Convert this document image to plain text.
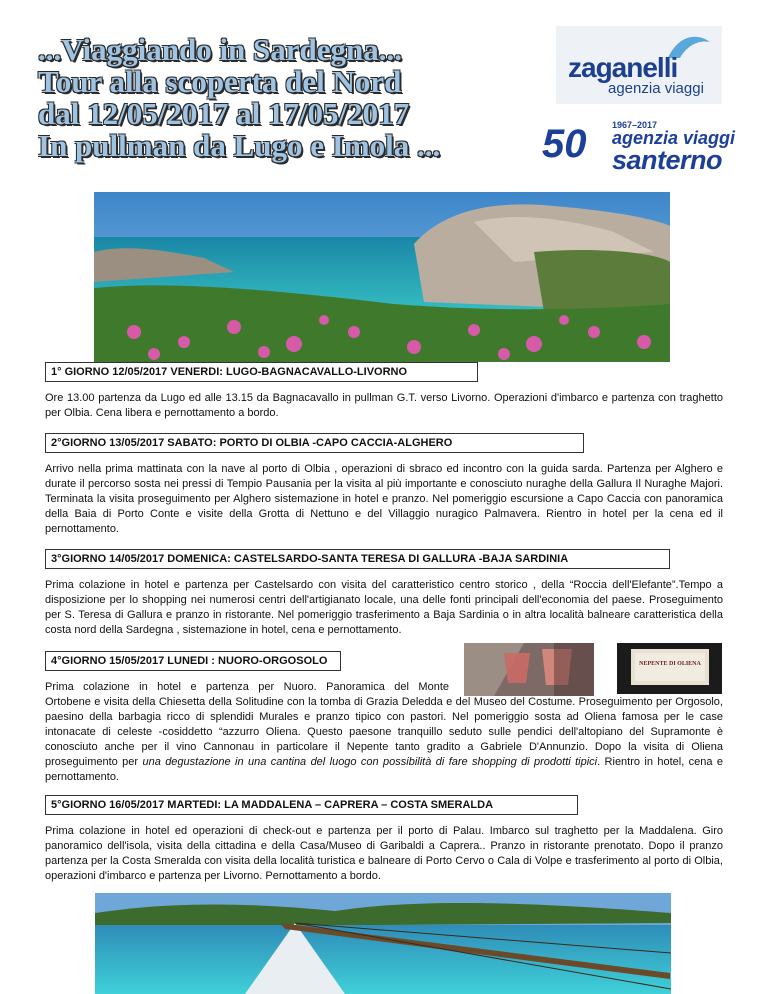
...Viaggiando in Sardegna...
Tour alla scoperta del Nord
dal 12/05/2017 al 17/05/2017
In pullman da Lugo e Imola ...
zaganelli
agenzia viaggi
50	1967–2017
agenzia viaggi
santerno
1° GIORNO 12/05/2017 VENERDI: LUGO-BAGNACAVALLO-LIVORNO
Ore 13.00 partenza da Lugo ed alle 13.15 da Bagnacavallo in pullman G.T. verso Livorno. Operazioni d'imbarco e partenza con traghetto per Olbia. Cena libera e pernottamento a bordo.
2°GIORNO 13/05/2017 SABATO: PORTO DI OLBIA -CAPO CACCIA-ALGHERO
Arrivo nella prima mattinata con la nave al porto di Olbia , operazioni di sbraco ed incontro con la guida sarda. Partenza per Alghero e durate il percorso sosta nei pressi di Tempio Pausania per la visita al più importante e conosciuto nuraghe della Gallura Il Nuraghe Majori. Terminata la visita proseguimento per Alghero sistemazione in hotel e pranzo. Nel pomeriggio escursione a Capo Caccia con panoramica della Baia di Porto Conte e visite della Grotta di Nettuno e del Villaggio nuragico Palmavera. Rientro in hotel per la cena ed il pernottamento.
3°GIORNO 14/05/2017 DOMENICA: CASTELSARDO-SANTA TERESA DI GALLURA -BAJA SARDINIA
Prima colazione in hotel e partenza per Castelsardo con visita del caratteristico centro storico , della “Roccia dell'Elefante”.Tempo a disposizione per lo shopping nei numerosi centri dell'artigianato locale, una delle fonti principali dell'economia del paese. Proseguimento per S. Teresa di Gallura e pranzo in ristorante. Nel pomeriggio trasferimento a Baja Sardinia o in altra località balneare caratteristica della costa nord della Sardegna , sistemazione in hotel, cena e pernottamento.
4°GIORNO 15/05/2017 LUNEDI : NUORO-ORGOSOLO	NEPENTE DI OLIENA
Prima colazione in hotel e partenza per Nuoro. Panoramica del Monte
Ortobene e visita della Chiesetta della Solitudine con la tomba di Grazia Deledda e del Museo del Costume. Proseguimento per Orgosolo, paesino della barbagia ricco di splendidi Murales e pranzo tipico con pastori. Nel pomeriggio sosta ad Oliena famosa per le case intonacate di celeste -cosiddetto “azzurro Oliena. Questo paesone tranquillo seduto sulle pendici dell'altopiano del Supramonte è conosciuto anche per il vino Cannonau in particolare il Nepente tanto gradito a Gabriele D'Annunzio. Dopo la visita di Oliena proseguimento per una degustazione in una cantina del luogo con possibilità di fare shopping di prodotti tipici. Rientro in hotel, cena e pernottamento.
5°GIORNO 16/05/2017 MARTEDI: LA MADDALENA – CAPRERA – COSTA SMERALDA
Prima colazione in hotel ed operazioni di check-out e partenza per il porto di Palau. Imbarco sul traghetto per la Maddalena. Giro panoramico dell'isola, visita della cittadina e della Casa/Museo di Garibaldi a Caprera.. Pranzo in ristorante prenotato. Dopo il pranzo partenza per la Costa Smeralda con visita della località turistica e balneare di Porto Cervo o Cala di Volpe e trasferimento al porto di Olbia, operazioni d'imbarco e partenza per Livorno. Pernottamento a bordo.
